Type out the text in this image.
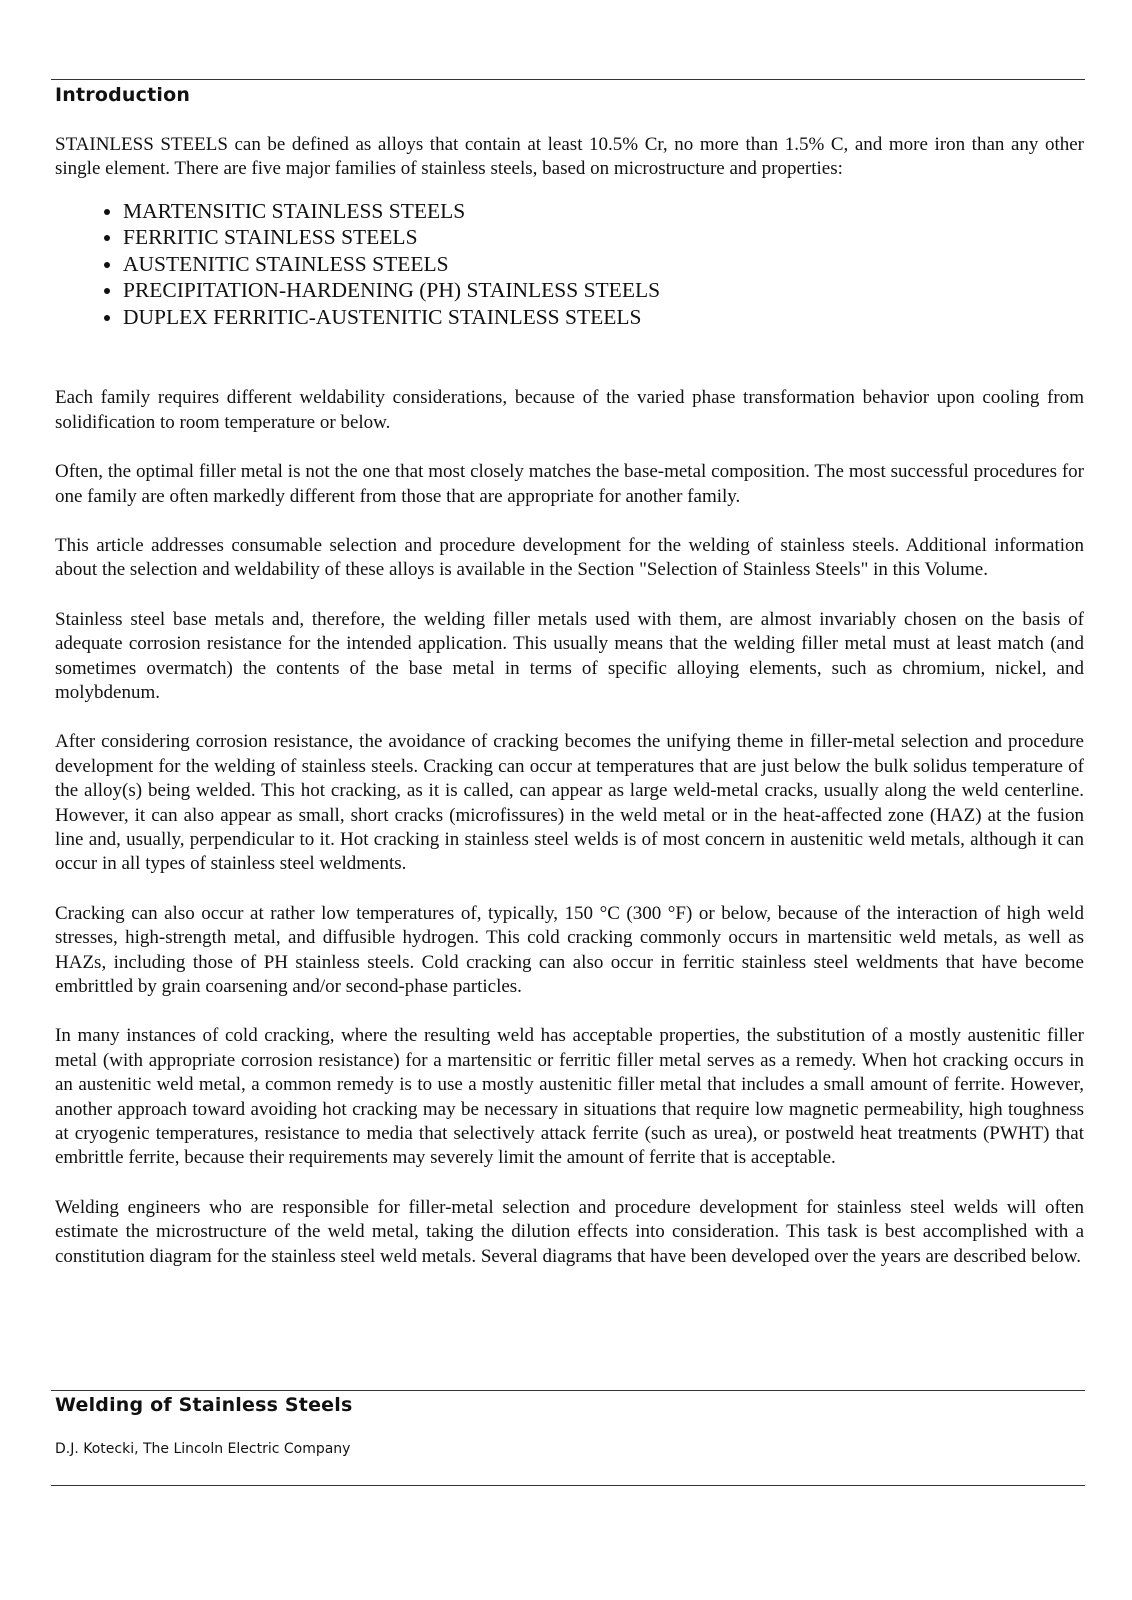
Introduction

STAINLESS STEELS can be defined as alloys that contain at least 10.5% Cr, no more than 1.5% C, and more iron than any other single element. There are five major families of stainless steels, based on microstructure and properties:

• MARTENSITIC STAINLESS STEELS
• FERRITIC STAINLESS STEELS
• AUSTENITIC STAINLESS STEELS
• PRECIPITATION-HARDENING (PH) STAINLESS STEELS
• DUPLEX FERRITIC-AUSTENITIC STAINLESS STEELS

Each family requires different weldability considerations, because of the varied phase transformation behavior upon cooling from solidification to room temperature or below.

Often, the optimal filler metal is not the one that most closely matches the base-metal composition. The most successful procedures for one family are often markedly different from those that are appropriate for another family.

This article addresses consumable selection and procedure development for the welding of stainless steels. Additional information about the selection and weldability of these alloys is available in the Section "Selection of Stainless Steels" in this Volume.

Stainless steel base metals and, therefore, the welding filler metals used with them, are almost invariably chosen on the basis of adequate corrosion resistance for the intended application. This usually means that the welding filler metal must at least match (and sometimes overmatch) the contents of the base metal in terms of specific alloying elements, such as chromium, nickel, and molybdenum.

After considering corrosion resistance, the avoidance of cracking becomes the unifying theme in filler-metal selection and procedure development for the welding of stainless steels. Cracking can occur at temperatures that are just below the bulk solidus temperature of the alloy(s) being welded. This hot cracking, as it is called, can appear as large weld-metal cracks, usually along the weld centerline. However, it can also appear as small, short cracks (microfissures) in the weld metal or in the heat-affected zone (HAZ) at the fusion line and, usually, perpendicular to it. Hot cracking in stainless steel welds is of most concern in austenitic weld metals, although it can occur in all types of stainless steel weldments.

Cracking can also occur at rather low temperatures of, typically, 150 °C (300 °F) or below, because of the interaction of high weld stresses, high-strength metal, and diffusible hydrogen. This cold cracking commonly occurs in martensitic weld metals, as well as HAZs, including those of PH stainless steels. Cold cracking can also occur in ferritic stainless steel weldments that have become embrittled by grain coarsening and/or second-phase particles.

In many instances of cold cracking, where the resulting weld has acceptable properties, the substitution of a mostly austenitic filler metal (with appropriate corrosion resistance) for a martensitic or ferritic filler metal serves as a remedy. When hot cracking occurs in an austenitic weld metal, a common remedy is to use a mostly austenitic filler metal that includes a small amount of ferrite. However, another approach toward avoiding hot cracking may be necessary in situations that require low magnetic permeability, high toughness at cryogenic temperatures, resistance to media that selectively attack ferrite (such as urea), or postweld heat treatments (PWHT) that embrittle ferrite, because their requirements may severely limit the amount of ferrite that is acceptable.

Welding engineers who are responsible for filler-metal selection and procedure development for stainless steel welds will often estimate the microstructure of the weld metal, taking the dilution effects into consideration. This task is best accomplished with a constitution diagram for the stainless steel weld metals. Several diagrams that have been developed over the years are described below.

Welding of Stainless Steels
D.J. Kotecki, The Lincoln Electric Company
